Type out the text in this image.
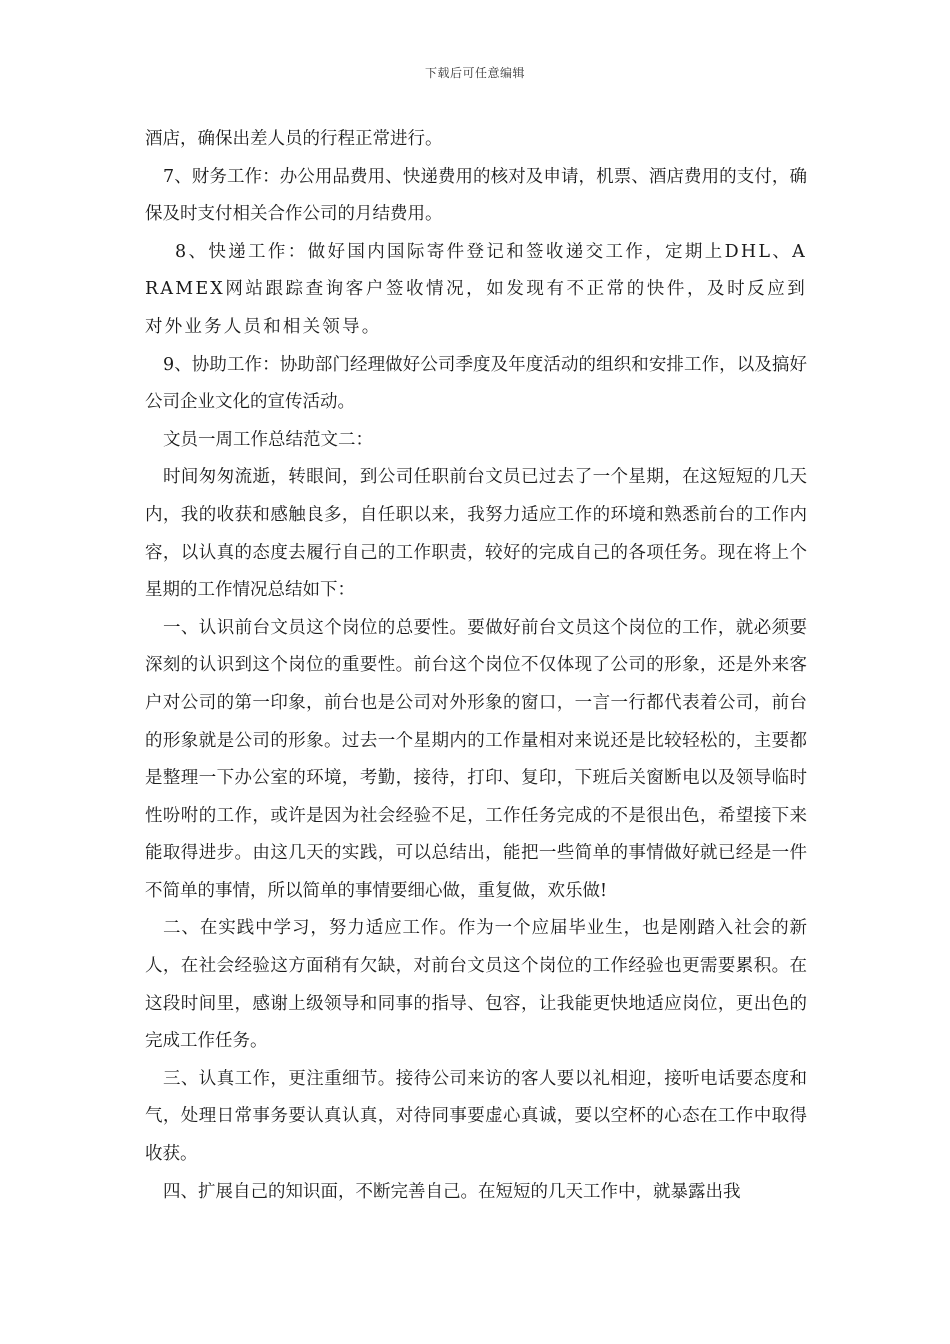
下载后可任意编辑

酒店，确保出差人员的行程正常进行。

7、财务工作：办公用品费用、快递费用的核对及申请，机票、酒店费用的支付，确保及时支付相关合作公司的月结费用。

8、快递工作：做好国内国际寄件登记和签收递交工作，定期上DHL、ARAMEX网站跟踪查询客户签收情况，如发现有不正常的快件，及时反应到对外业务人员和相关领导。

9、协助工作：协助部门经理做好公司季度及年度活动的组织和安排工作，以及搞好公司企业文化的宣传活动。

文员一周工作总结范文二：

时间匆匆流逝，转眼间，到公司任职前台文员已过去了一个星期，在这短短的几天内，我的收获和感触良多，自任职以来，我努力适应工作的环境和熟悉前台的工作内容，以认真的态度去履行自己的工作职责，较好的完成自己的各项任务。现在将上个星期的工作情况总结如下：

一、认识前台文员这个岗位的总要性。要做好前台文员这个岗位的工作，就必须要深刻的认识到这个岗位的重要性。前台这个岗位不仅体现了公司的形象，还是外来客户对公司的第一印象，前台也是公司对外形象的窗口，一言一行都代表着公司，前台的形象就是公司的形象。过去一个星期内的工作量相对来说还是比较轻松的，主要都是整理一下办公室的环境，考勤，接待，打印、复印，下班后关窗断电以及领导临时性吩咐的工作，或许是因为社会经验不足，工作任务完成的不是很出色，希望接下来能取得进步。由这几天的实践，可以总结出，能把一些简单的事情做好就已经是一件不简单的事情，所以简单的事情要细心做，重复做，欢乐做!

二、在实践中学习，努力适应工作。作为一个应届毕业生，也是刚踏入社会的新人，在社会经验这方面稍有欠缺，对前台文员这个岗位的工作经验也更需要累积。在这段时间里，感谢上级领导和同事的指导、包容，让我能更快地适应岗位，更出色的完成工作任务。

三、认真工作，更注重细节。接待公司来访的客人要以礼相迎，接听电话要态度和气，处理日常事务要认真认真，对待同事要虚心真诚，要以空杯的心态在工作中取得收获。

四、扩展自己的知识面，不断完善自己。在短短的几天工作中，就暴露出我
